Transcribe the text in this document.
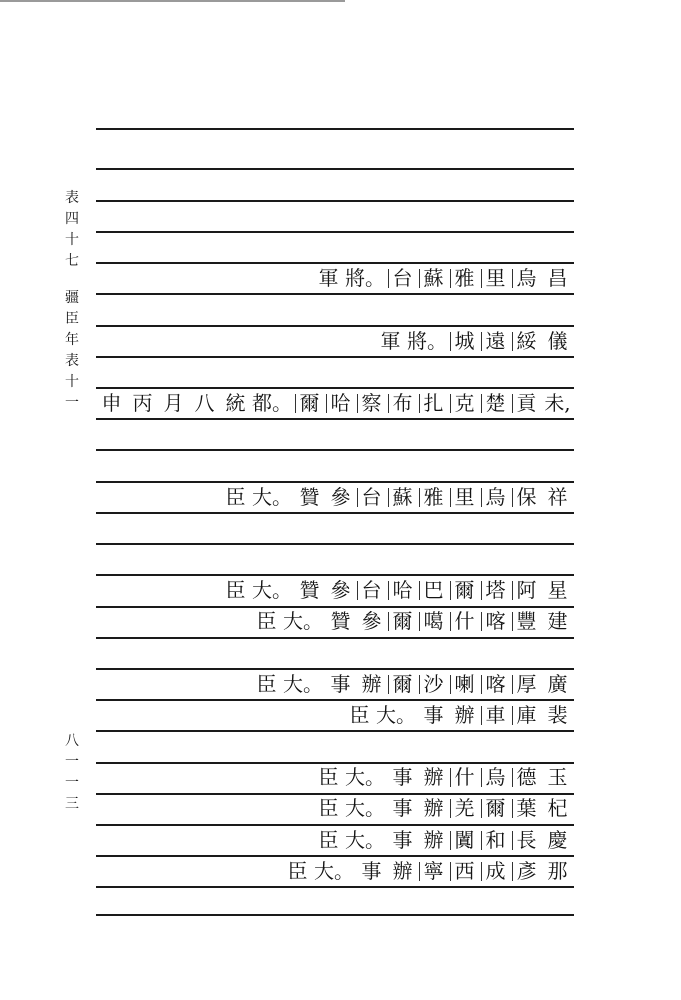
表
四
十
七
疆
臣
年
表
十
一
八
一
一
三
昌
烏
里
雅
蘇
台
將。
軍
儀
綏
遠
城
將。
軍
未,
貢
楚
克
扎
布
察
哈
爾
都。
統
八
月
丙
申
祥
保
烏
里
雅
蘇
台
參
贊
大。
臣
星
阿
塔
爾
巴
哈
台
參
贊
大。
臣
建
豐
喀
什
噶
爾
參
贊
大。
臣
廣
厚
喀
喇
沙
爾
辦
事
大。
臣
裴
庫
車
辦
事
大。
臣
玉
德
烏
什
辦
事
大。
臣
杞
葉
爾
羌
辦
事
大。
臣
慶
長
和
闐
辦
事
大。
臣
那
彥
成
西
寧
辦
事
大。
臣
